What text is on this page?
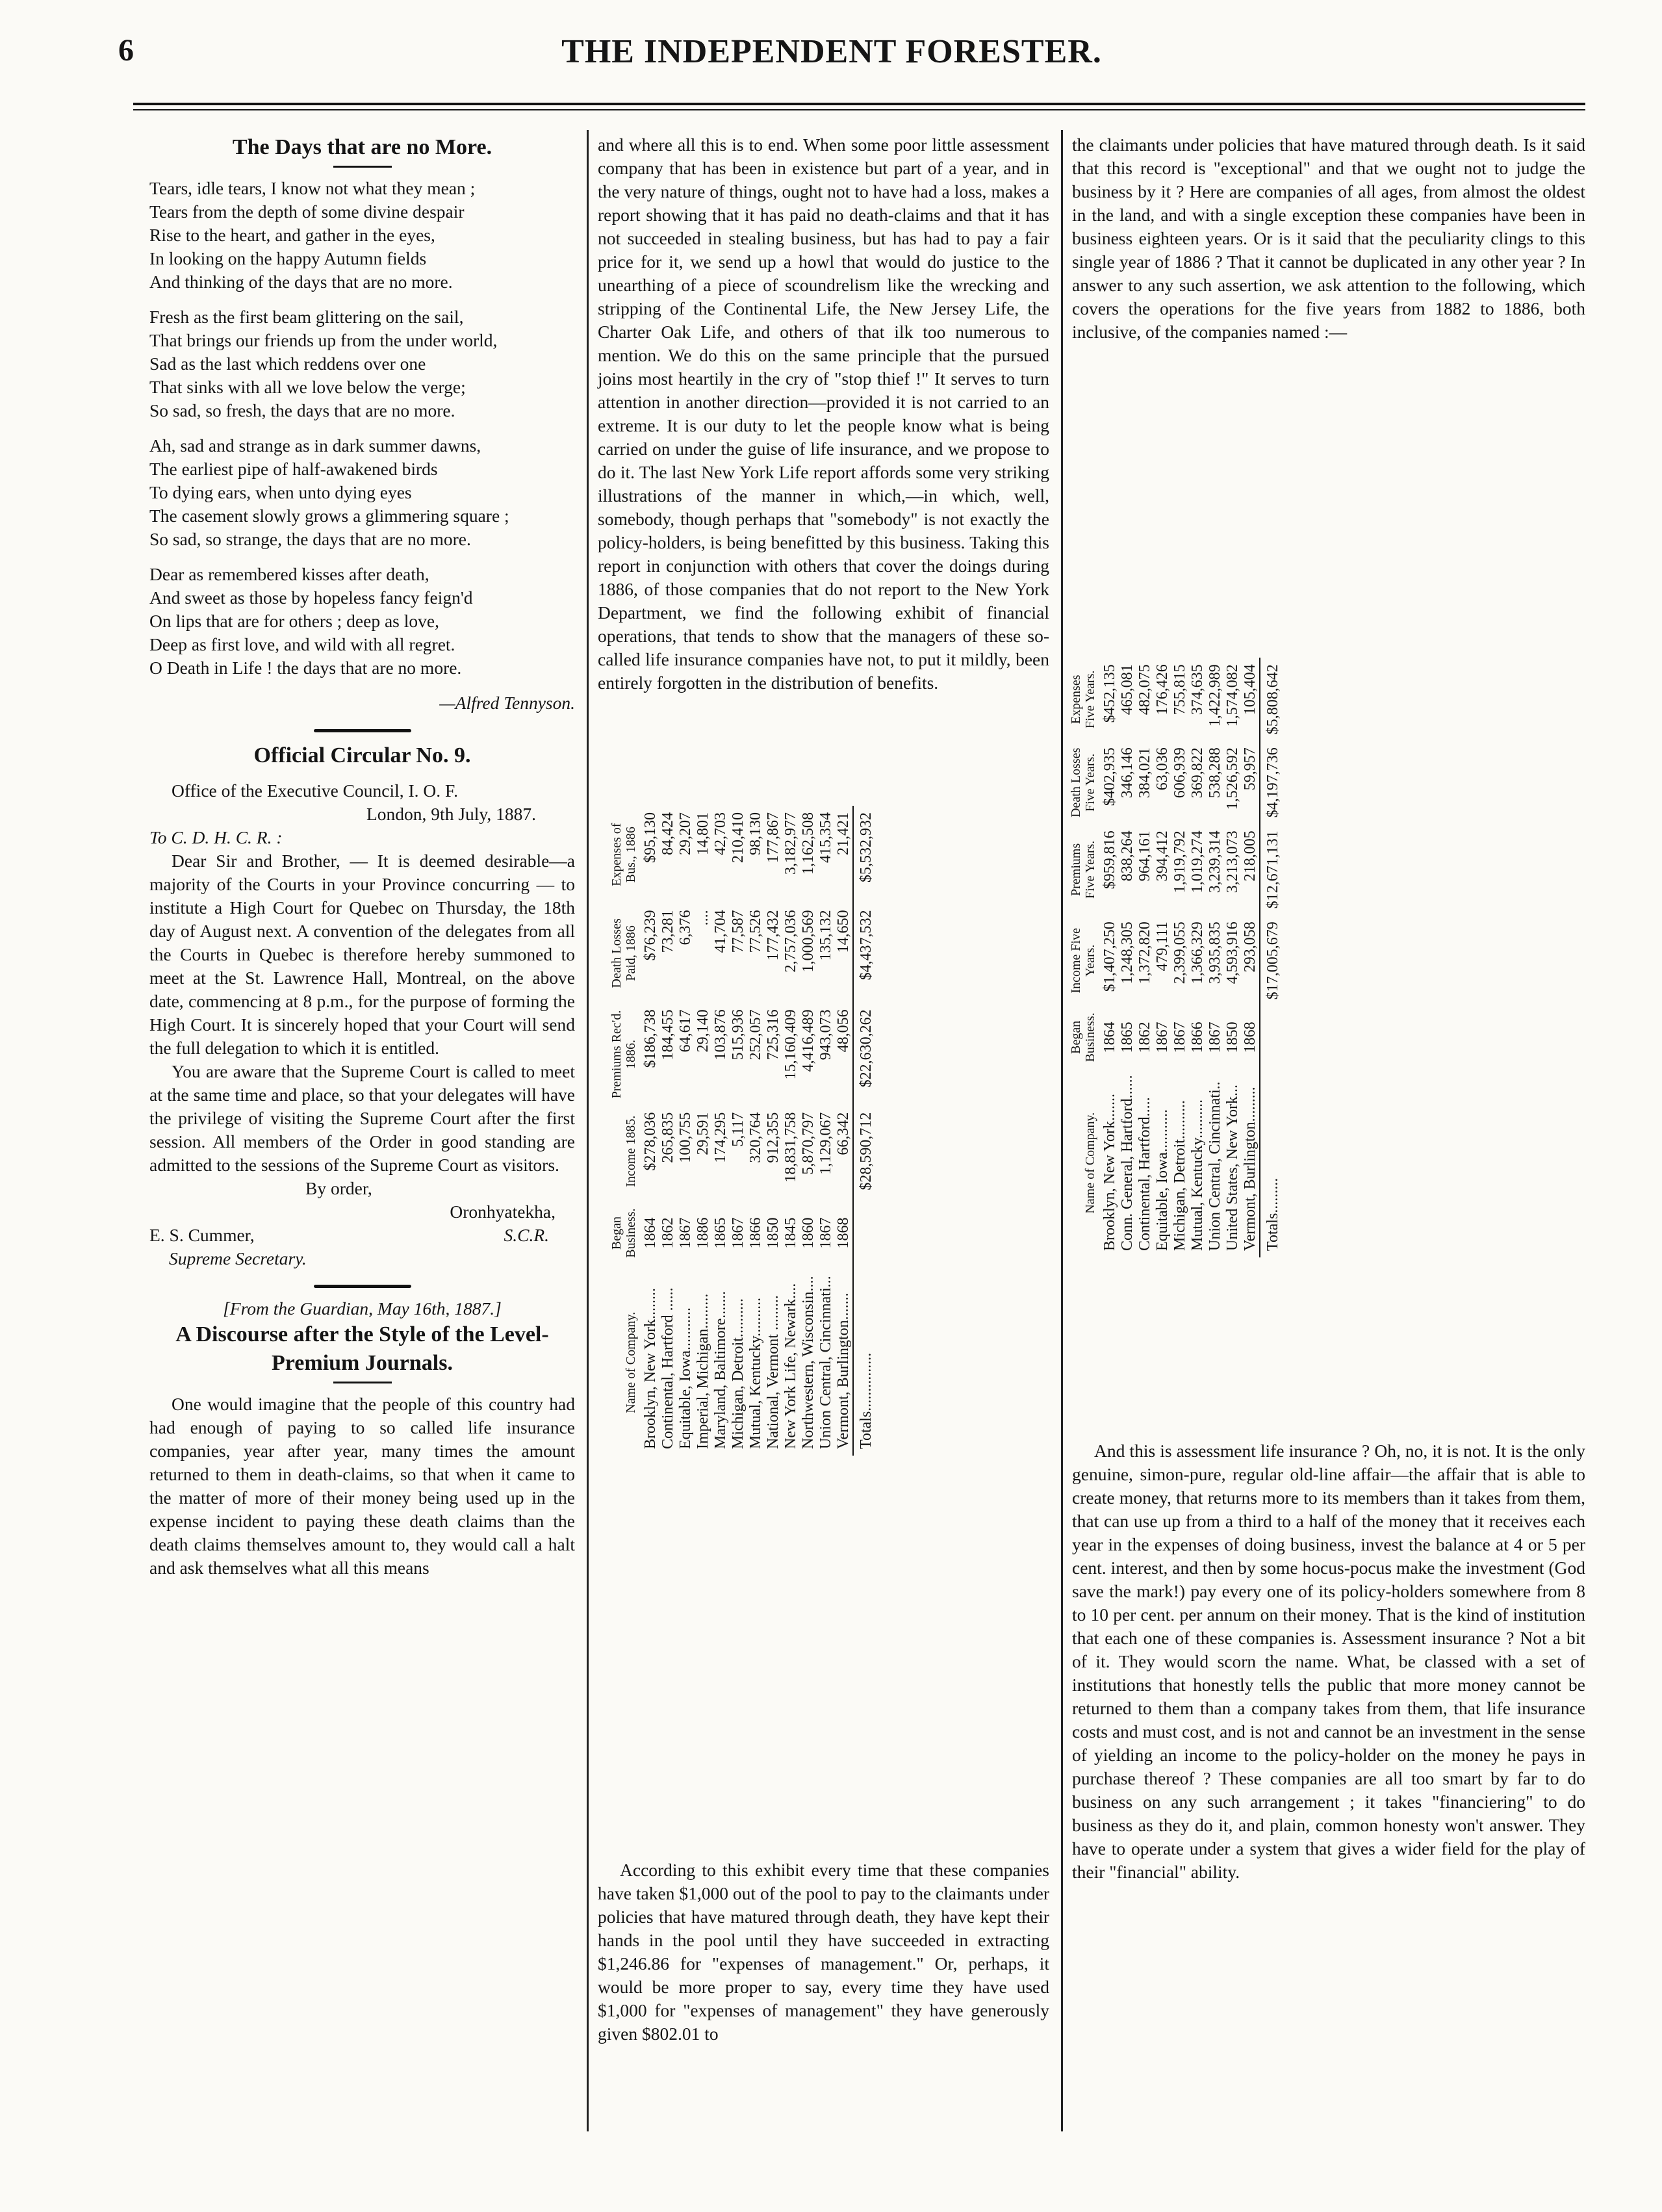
6	THE INDEPENDENT FORESTER.

The Days that are no More.

Tears, idle tears, I know not what they mean ;

Tears from the depth of some divine despair

Rise to the heart, and gather in the eyes,

In looking on the happy Autumn fields

And thinking of the days that are no more.

Fresh as the first beam glittering on the sail,

That brings our friends up from the under world,

Sad as the last which reddens over one

That sinks with all we love below the verge;

So sad, so fresh, the days that are no more.

Ah, sad and strange as in dark summer dawns,

The earliest pipe of half-awakened birds

To dying ears, when unto dying eyes

The casement slowly grows a glimmering square ;

So sad, so strange, the days that are no more.

Dear as remembered kisses after death,

And sweet as those by hopeless fancy feign'd

On lips that are for others ; deep as love,

Deep as first love, and wild with all regret.

O Death in Life ! the days that are no more.

—Alfred Tennyson.

Official Circular No. 9.

Office of the Executive Council, I. O. F.

London, 9th July, 1887.

To C. D. H. C. R. :

Dear Sir and Brother, — It is deemed desirable—a majority of the Courts in your Province concurring — to institute a High Court for Quebec on Thursday, the 18th day of August next. A convention of the delegates from all the Courts in Quebec is therefore hereby summoned to meet at the St. Lawrence Hall, Montreal, on the above date, commencing at 8 p.m., for the purpose of forming the High Court. It is sincerely hoped that your Court will send the full delegation to which it is entitled.

You are aware that the Supreme Court is called to meet at the same time and place, so that your delegates will have the privilege of visiting the Supreme Court after the first session. All members of the Order in good standing are admitted to the sessions of the Supreme Court as visitors.

By order,

Oronhyatekha,

E. S. Cummer,	S.C.R.

Supreme Secretary.

[From the Guardian, May 16th, 1887.]

A Discourse after the Style of the Level-Premium Journals.

One would imagine that the people of this country had had enough of paying to so called life insurance companies, year after year, many times the amount returned to them in death-claims, so that when it came to the matter of more of their money being used up in the expense incident to paying these death claims than the death claims themselves amount to, they would call a halt and ask themselves what all this means

and where all this is to end. When some poor little assessment company that has been in existence but part of a year, and in the very nature of things, ought not to have had a loss, makes a report showing that it has paid no death-claims and that it has not succeeded in stealing business, but has had to pay a fair price for it, we send up a howl that would do justice to the unearthing of a piece of scoundrelism like the wrecking and stripping of the Continental Life, the New Jersey Life, the Charter Oak Life, and others of that ilk too numerous to mention. We do this on the same principle that the pursued joins most heartily in the cry of "stop thief !" It serves to turn attention in another direction—provided it is not carried to an extreme. It is our duty to let the people know what is being carried on under the guise of life insurance, and we propose to do it. The last New York Life report affords some very striking illustrations of the manner in which,—in which, well, somebody, though perhaps that "somebody" is not exactly the policy-holders, is being benefitted by this business. Taking this report in conjunction with others that cover the doings during 1886, of those companies that do not report to the New York Department, we find the following exhibit of financial operations, that tends to show that the managers of these so-called life insurance companies have not, to put it mildly, been entirely forgotten in the distribution of benefits.

Name of Company.	Began Business.	Income 1885.	Premiums Rec'd. 1886.	Death Losses Paid, 1886	Expenses of Bus., 1886
Brooklyn, New York........	1864	$278,036	$186,738	$76,239	$95,130
Continental, Hartford ......	1862	265,835	184,455	73,281	84,424
Equitable, Iowa...........	1867	100,755	64,617	6,376	29,207
Imperial, Michigan.........	1886	29,591	29,140	....	14,801
Maryland, Baltimore.......	1865	174,295	103,876	41,704	42,703
Michigan, Detroit..........	1867	5,117	515,936	77,587	210,410
Mutual, Kentucky..........	1866	320,764	252,057	77,526	98,130
National, Vermont .........	1850	912,355	725,316	177,432	177,867
New York Life, Newark....	1845	18,831,758	15,160,409	2,757,036	3,182,977
Northwestern, Wisconsin....	1860	5,870,797	4,416,489	1,000,569	1,162,508
Union Central, Cincinnati...	1867	1,129,067	943,073	135,132	415,354
Vermont, Burlington.......	1868	66,342	48,056	14,650	21,421
Totals...............		$28,590,712	$22,630,262	$4,437,532	$5,532,932

According to this exhibit every time that these companies have taken $1,000 out of the pool to pay to the claimants under policies that have matured through death, they have kept their hands in the pool until they have succeeded in extracting $1,246.86 for "expenses of management." Or, perhaps, it would be more proper to say, every time they have used $1,000 for "expenses of management" they have generously given $802.01 to

the claimants under policies that have matured through death. Is it said that this record is "exceptional" and that we ought not to judge the business by it ? Here are companies of all ages, from almost the oldest in the land, and with a single exception these companies have been in business eighteen years. Or is it said that the peculiarity clings to this single year of 1886 ? That it cannot be duplicated in any other year ? In answer to any such assertion, we ask attention to the following, which covers the operations for the five years from 1882 to 1886, both inclusive, of the companies named :—

Name of Company.	Began Business.	Income Five Years.	Premiums Five Years.	Death Losses Five Years.	Expenses Five Years.
Brooklyn, New York.......	1864	$1,407,250	$959,816	$402,935	$452,135
Conn. General, Hartford......	1865	1,248,305	838,264	346,146	465,081
Continental, Hartford.....	1862	1,372,820	964,161	384,021	482,075
Equitable, Iowa...........	1867	479,111	394,412	63,036	176,426
Michigan, Detroit..........	1867	2,399,055	1,919,792	606,939	755,815
Mutual, Kentucky..........	1866	1,366,329	1,019,274	369,822	374,635
Union Central, Cincinnati..	1867	3,935,835	3,239,314	538,288	1,422,989
United States, New York...	1850	4,593,916	3,213,073	1,526,592	1,574,082
Vermont, Burlington.........	1868	293,058	218,005	59,957	105,404
Totals.........		$17,005,679	$12,671,131	$4,197,736	$5,808,642

And this is assessment life insurance ? Oh, no, it is not. It is the only genuine, simon-pure, regular old-line affair—the affair that is able to create money, that returns more to its members than it takes from them, that can use up from a third to a half of the money that it receives each year in the expenses of doing business, invest the balance at 4 or 5 per cent. interest, and then by some hocus-pocus make the investment (God save the mark!) pay every one of its policy-holders somewhere from 8 to 10 per cent. per annum on their money. That is the kind of institution that each one of these companies is. Assessment insurance ? Not a bit of it. They would scorn the name. What, be classed with a set of institutions that honestly tells the public that more money cannot be returned to them than a company takes from them, that life insurance costs and must cost, and is not and cannot be an investment in the sense of yielding an income to the policy-holder on the money he pays in purchase thereof ? These companies are all too smart by far to do business on any such arrangement ; it takes "financiering" to do business as they do it, and plain, common honesty won't answer. They have to operate under a system that gives a wider field for the play of their "financial" ability.
